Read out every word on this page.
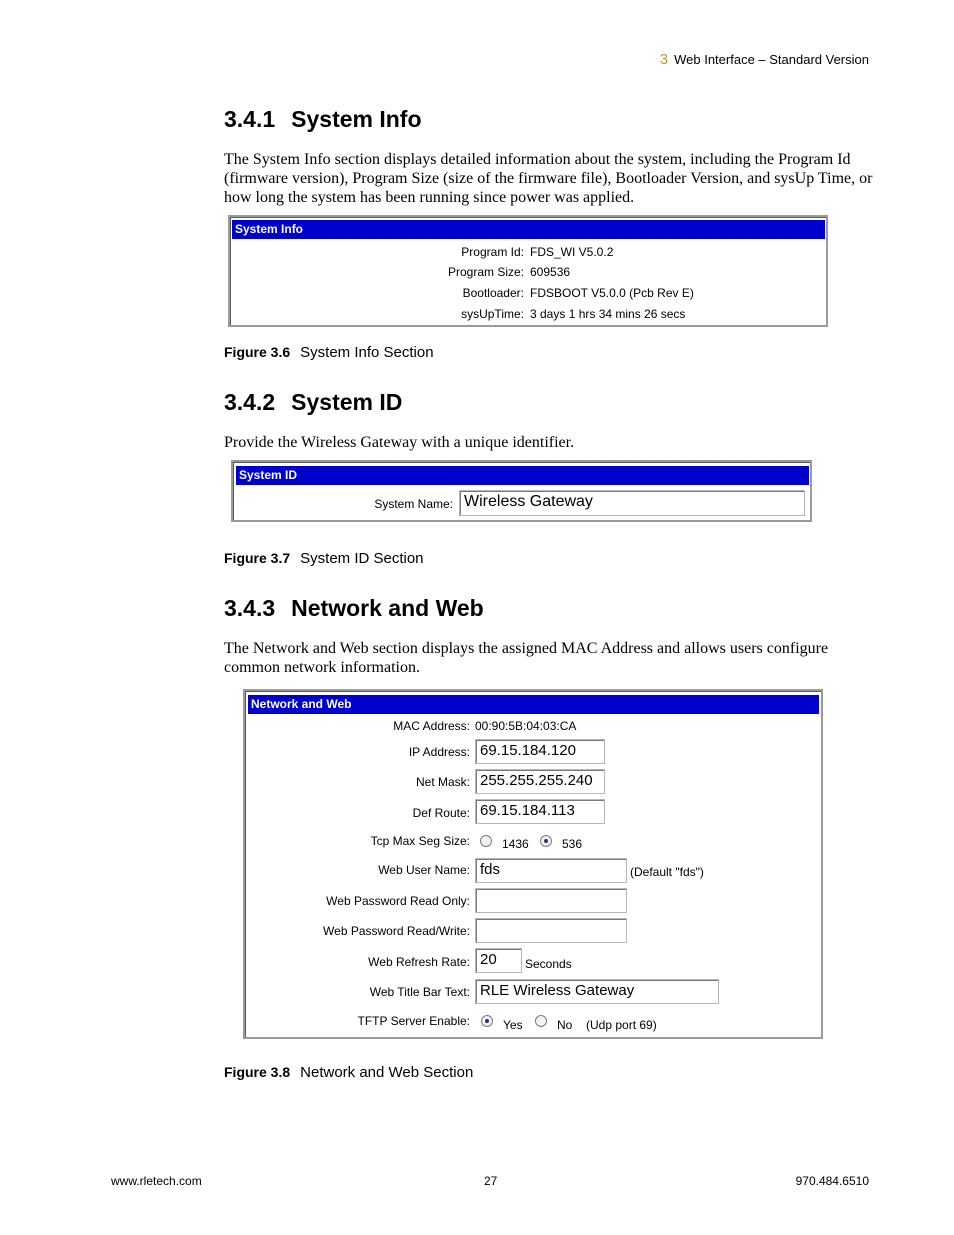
3 Web Interface – Standard Version
3.4.1 System Info
The System Info section displays detailed information about the system, including the Program Id (firmware version), Program Size (size of the firmware file), Bootloader Version, and sysUp Time, or how long the system has been running since power was applied.
System Info
Program Id: FDS_WI V5.0.2
Program Size: 609536
Bootloader: FDSBOOT V5.0.0 (Pcb Rev E)
sysUpTime: 3 days 1 hrs 34 mins 26 secs
Figure 3.6 System Info Section
3.4.2 System ID
Provide the Wireless Gateway with a unique identifier.
System ID
System Name: Wireless Gateway
Figure 3.7 System ID Section
3.4.3 Network and Web
The Network and Web section displays the assigned MAC Address and allows users configure common network information.
Network and Web
MAC Address: 00:90:5B:04:03:CA
IP Address: 69.15.184.120
Net Mask: 255.255.255.240
Def Route: 69.15.184.113
Tcp Max Seg Size:	1436	536
Web User Name: fds	(Default "fds")
Web Password Read Only:
Web Password Read/Write:
Web Refresh Rate: 20	Seconds
Web Title Bar Text: RLE Wireless Gateway
TFTP Server Enable:	Yes	No (Udp port 69)
Figure 3.8 Network and Web Section
www.rletech.com	27	970.484.6510
